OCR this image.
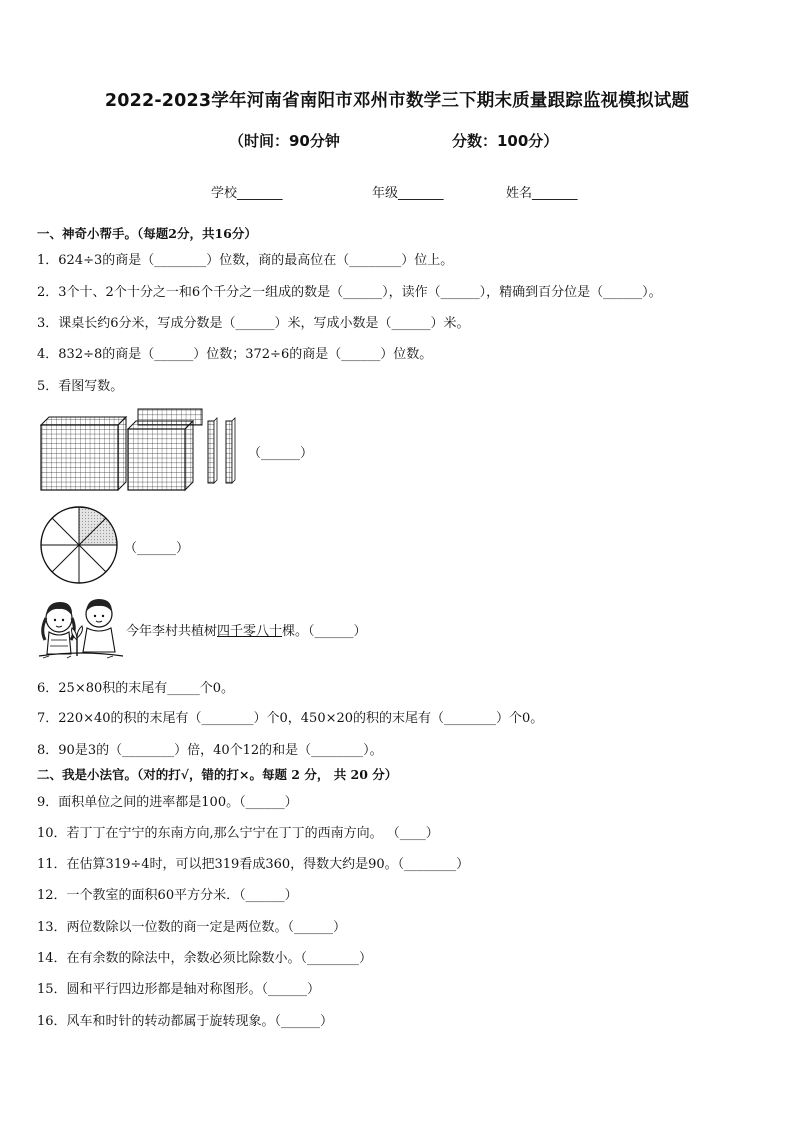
2022-2023学年河南省南阳市邓州市数学三下期末质量跟踪监视模拟试题
（时间：90分钟	分数：100分）
学校_______	年级_______	姓名_______
一、神奇小帮手。（每题2分，共16分）
1．624÷3的商是（________）位数，商的最高位在（________）位上。
2．3个十、2个十分之一和6个千分之一组成的数是（______），读作（______），精确到百分位是（______）。
3．课桌长约6分米，写成分数是（______）米，写成小数是（______）米。
4．832÷8的商是（______）位数；372÷6的商是（______）位数。
5．看图写数。
（______）
（______）
今年李村共植树四千零八十棵。（______）
6．25×80积的末尾有_____个0。
7．220×40的积的末尾有（________）个0，450×20的积的末尾有（________）个0。
8．90是3的（________）倍，40个12的和是（________）。
二、我是小法官。（对的打√，错的打×。每题 2 分， 共 20 分）
9．面积单位之间的进率都是100。（______）
10．若丁丁在宁宁的东南方向,那么宁宁在丁丁的西南方向。 （____）
11．在估算319÷4时，可以把319看成360，得数大约是90。（________）
12．一个教室的面积60平方分米．（______）
13．两位数除以一位数的商一定是两位数。（______）
14．在有余数的除法中，余数必须比除数小。（________）
15．圆和平行四边形都是轴对称图形。（______）
16．风车和时针的转动都属于旋转现象。（______）
